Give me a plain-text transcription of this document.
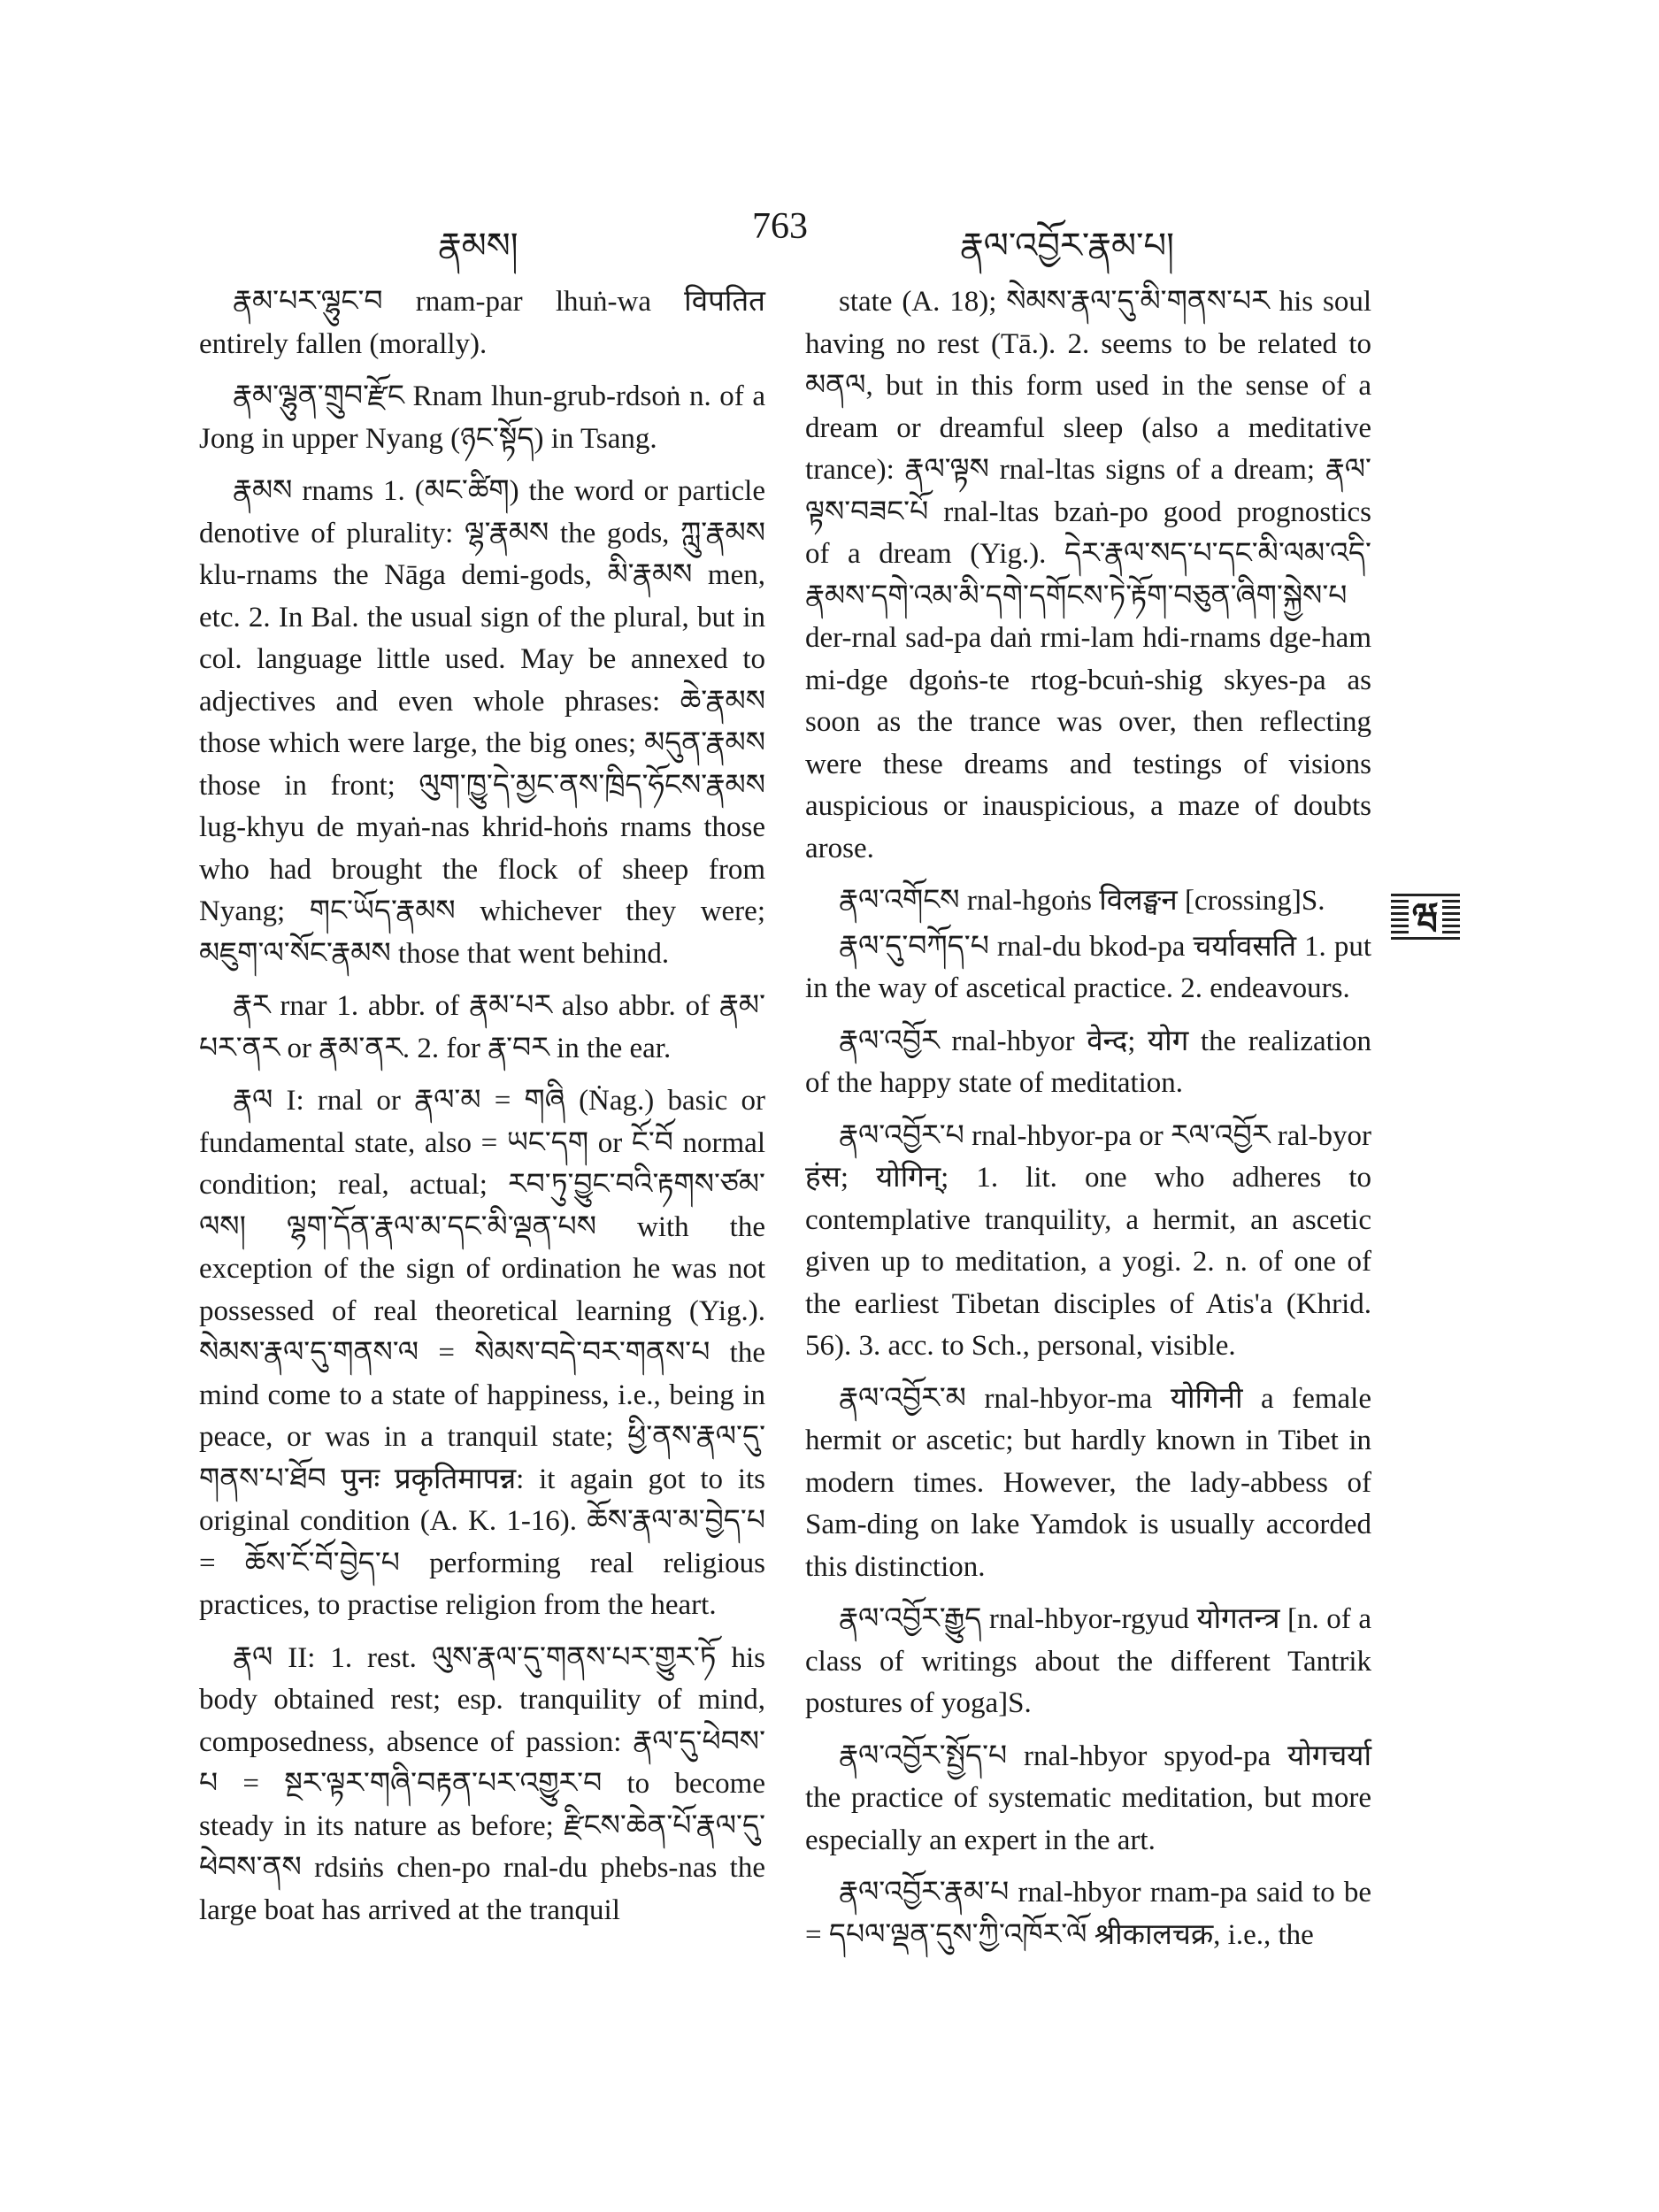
རྣམས།	763	རྣལ་འབྱོར་རྣམ་པ།

རྣམ་པར་ལྷུང་བ rnam-par lhuṅ-wa विपतित entirely fallen (morally).

རྣམ་ལྷུན་གྲུབ་རྫོང Rnam lhun-grub-rdsoṅ n. of a Jong in upper Nyang (ཉང་སྟོད) in Tsang.

རྣམས rnams 1. (མང་ཚིག) the word or particle denotive of plurality: ལྷ་རྣམས the gods, ཀླུ་རྣམས klu-rnams the Nāga demi-gods, མི་རྣམས men, etc. 2. In Bal. the usual sign of the plural, but in col. language little used. May be annexed to adjectives and even whole phrases: ཆེ་རྣམས those which were large, the big ones; མདུན་རྣམས those in front; ལུག་ཁྱུ་དེ་མྱང་ནས་ཁྲིད་ཧོངས་རྣམས lug-khyu de myaṅ-nas khrid-hoṅs rnams those who had brought the flock of sheep from Nyang; གང་ཡོད་རྣམས whichever they were; མཇུག་ལ་སོང་རྣམས those that went behind.

རྣར rnar 1. abbr. of རྣམ་པར also abbr. of རྣམ་པར་ནར or རྣམ་ནར. 2. for རྣ་བར in the ear.

རྣལ I: rnal or རྣལ་མ = གཞི (Ṅag.) basic or fundamental state, also = ཡང་དག or ངོ་བོ normal condition; real, actual; རབ་ཏུ་བྱུང་བའི་རྟགས་ཙམ་ལས། ལྷག་དོན་རྣལ་མ་དང་མི་ལྡན་པས with the exception of the sign of ordination he was not possessed of real theoretical learning (Yig.). སེམས་རྣལ་དུ་གནས་ལ = སེམས་བདེ་བར་གནས་པ the mind come to a state of happiness, i.e., being in peace, or was in a tranquil state; ཕྱི་ནས་རྣལ་དུ་གནས་པ་ཐོབ पुनः प्रकृतिमापन्न: it again got to its original condition (A. K. 1-16). ཆོས་རྣལ་མ་བྱེད་པ = ཆོས་ངོ་བོ་བྱེད་པ performing real religious practices, to practise religion from the heart.

རྣལ II: 1. rest. ལུས་རྣལ་དུ་གནས་པར་གྱུར་ཏོ his body obtained rest; esp. tranquility of mind, composedness, absence of passion: རྣལ་དུ་ཕེབས་པ = སྔར་ལྟར་གཞི་བརྟན་པར་འགྱུར་བ to become steady in its nature as before; རྫིངས་ཆེན་པོ་རྣལ་དུ་ཕེབས་ནས rdsiṅs chen-po rnal-du phebs-nas the large boat has arrived at the tranquil

state (A. 18); སེམས་རྣལ་དུ་མི་གནས་པར his soul having no rest (Tā.). 2. seems to be related to མནལ, but in this form used in the sense of a dream or dreamful sleep (also a meditative trance): རྣལ་ལྟས rnal-ltas signs of a dream; རྣལ་ལྟས་བཟང་པོ rnal-ltas bzaṅ-po good prognostics of a dream (Yig.). དེར་རྣལ་སད་པ་དང་མི་ལམ་འདི་རྣམས་དགེ་འམ་མི་དགེ་དགོངས་ཏེ་རྟོག་བཅུན་ཞིག་སྐྱེས་པ der-rnal sad-pa daṅ rmi-lam hdi-rnams dge-ham mi-dge dgoṅs-te rtog-bcuṅ-shig skyes-pa as soon as the trance was over, then reflecting were these dreams and testings of visions auspicious or inauspicious, a maze of doubts arose.

རྣལ་འགོངས rnal-hgoṅs विलङ्घन [crossing]S.

རྣལ་དུ་བཀོད་པ rnal-du bkod-pa चर्यावसति 1. put in the way of ascetical practice. 2. endeavours.

རྣལ་འབྱོར rnal-hbyor वेन्द; योग the realization of the happy state of meditation.

རྣལ་འབྱོར་པ rnal-hbyor-pa or རལ་འབྱོར ral-byor हंस; योगिन्; 1. lit. one who adheres to contemplative tranquility, a hermit, an ascetic given up to meditation, a yogi. 2. n. of one of the earliest Tibetan disciples of Atis'a (Khrid. 56). 3. acc. to Sch., personal, visible.

རྣལ་འབྱོར་མ rnal-hbyor-ma योगिनी a female hermit or ascetic; but hardly known in Tibet in modern times. However, the lady-abbess of Sam-ding on lake Yamdok is usually accorded this distinction.

རྣལ་འབྱོར་རྒྱུད rnal-hbyor-rgyud योगतन्त्र [n. of a class of writings about the different Tantrik postures of yoga]S.

རྣལ་འབྱོར་སྤྱོད་པ rnal-hbyor spyod-pa योगचर्या the practice of systematic meditation, but more especially an expert in the art.

རྣལ་འབྱོར་རྣམ་པ rnal-hbyor rnam-pa said to be = དཔལ་ལྡན་དུས་ཀྱི་འཁོར་ལོ श्रीकालचक्र, i.e., the

ཝ
